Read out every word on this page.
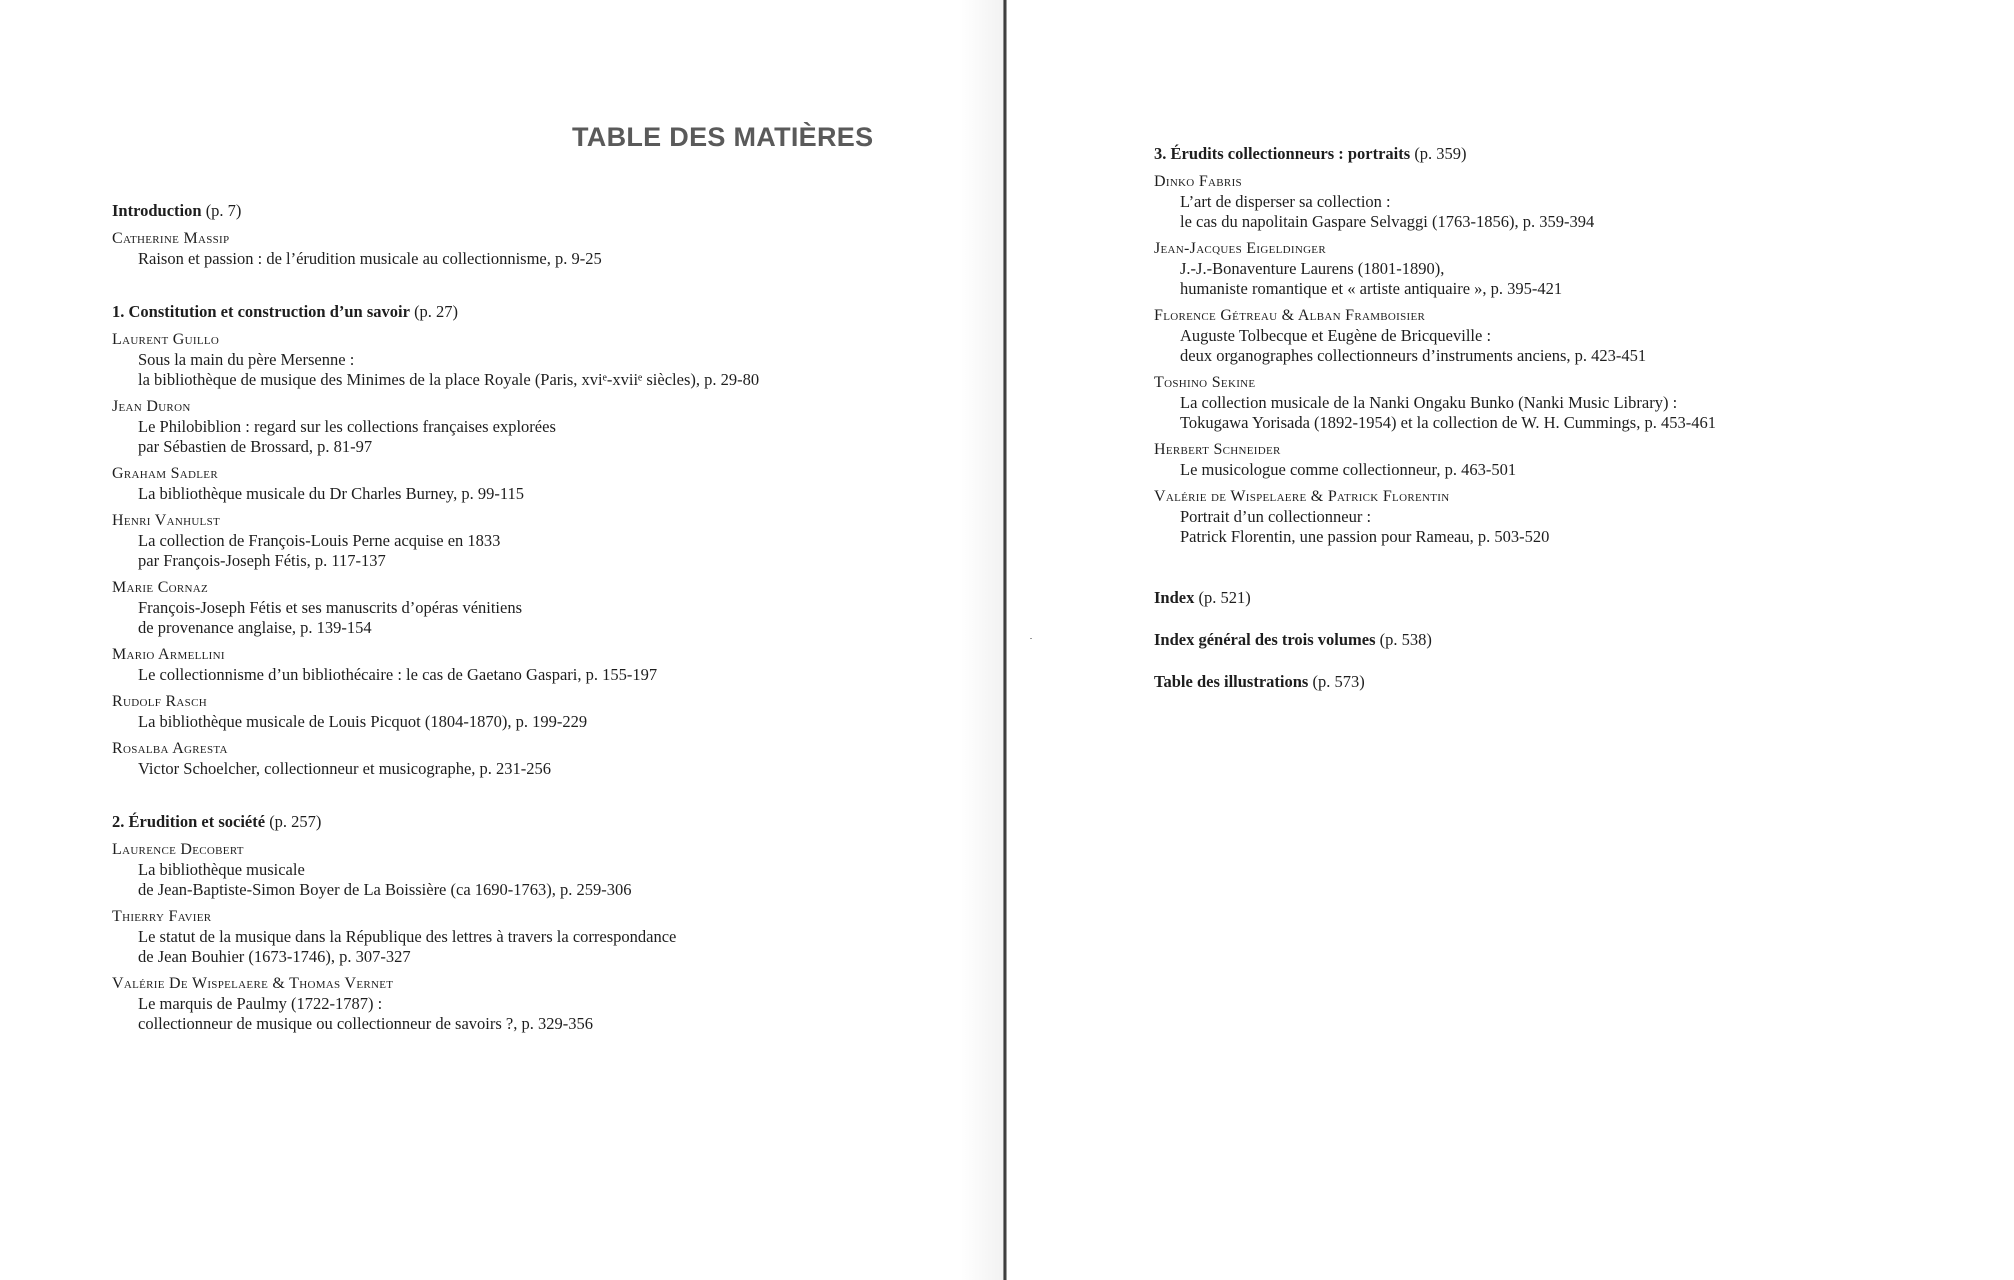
TABLE DES MATIÈRES
Introduction (p. 7)
Catherine Massip
Raison et passion : de l’érudition musicale au collectionnisme, p. 9-25
1. Constitution et construction d’un savoir (p. 27)
Laurent Guillo
Sous la main du père Mersenne :
la bibliothèque de musique des Minimes de la place Royale (Paris, xviᵉ-xviiᵉ siècles), p. 29-80
Jean Duron
Le Philobiblion : regard sur les collections françaises explorées
par Sébastien de Brossard, p. 81-97
Graham Sadler
La bibliothèque musicale du Dr Charles Burney, p. 99-115
Henri Vanhulst
La collection de François-Louis Perne acquise en 1833
par François-Joseph Fétis, p. 117-137
Marie Cornaz
François-Joseph Fétis et ses manuscrits d’opéras vénitiens
de provenance anglaise, p. 139-154
Mario Armellini
Le collectionnisme d’un bibliothécaire : le cas de Gaetano Gaspari, p. 155-197
Rudolf Rasch
La bibliothèque musicale de Louis Picquot (1804-1870), p. 199-229
Rosalba Agresta
Victor Schoelcher, collectionneur et musicographe, p. 231-256
2. Érudition et société (p. 257)
Laurence Decobert
La bibliothèque musicale
de Jean-Baptiste-Simon Boyer de La Boissière (ca 1690-1763), p. 259-306
Thierry Favier
Le statut de la musique dans la République des lettres à travers la correspondance
de Jean Bouhier (1673-1746), p. 307-327
Valérie De Wispelaere & Thomas Vernet
Le marquis de Paulmy (1722-1787) :
collectionneur de musique ou collectionneur de savoirs ?, p. 329-356
3. Érudits collectionneurs : portraits (p. 359)
Dinko Fabris
L’art de disperser sa collection :
le cas du napolitain Gaspare Selvaggi (1763-1856), p. 359-394
Jean-Jacques Eigeldinger
J.-J.-Bonaventure Laurens (1801-1890),
humaniste romantique et « artiste antiquaire », p. 395-421
Florence Gétreau & Alban Framboisier
Auguste Tolbecque et Eugène de Bricqueville :
deux organographes collectionneurs d’instruments anciens, p. 423-451
Toshino Sekine
La collection musicale de la Nanki Ongaku Bunko (Nanki Music Library) :
Tokugawa Yorisada (1892-1954) et la collection de W. H. Cummings, p. 453-461
Herbert Schneider
Le musicologue comme collectionneur, p. 463-501
Valérie de Wispelaere & Patrick Florentin
Portrait d’un collectionneur :
Patrick Florentin, une passion pour Rameau, p. 503-520
Index (p. 521)
Index général des trois volumes (p. 538)
Table des illustrations (p. 573)
